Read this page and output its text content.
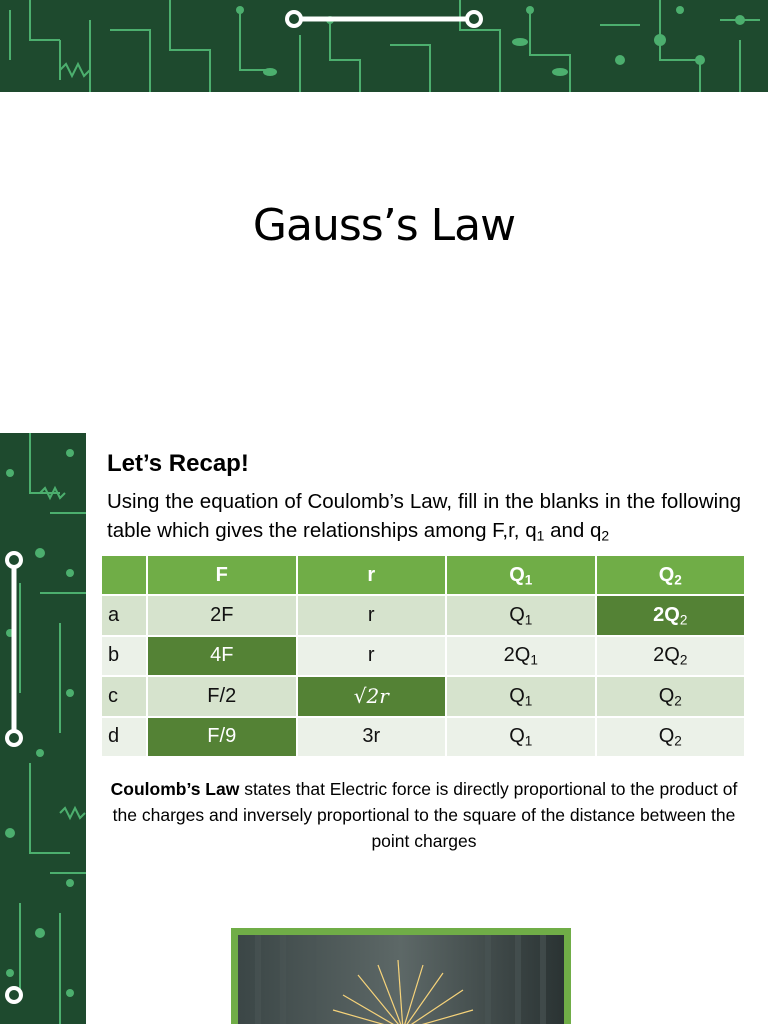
Gauss’s Law
Let’s Recap!
Using the equation of Coulomb’s Law, fill in the blanks in the following table which gives the relationships among F,r, $q_1$ and $q_2$
	F	r	$Q_1$	$Q_2$
a	2F	r	$Q_1$	$2Q_2$
b	4F	r	$2Q_1$	$2Q_2$
c	F/2	√2r	$Q_1$	$Q_2$
d	F/9	3r	$Q_1$	$Q_2$
Coulomb’s Law states that Electric force is directly proportional to the product of the charges and inversely proportional to the square of the distance between the point charges
